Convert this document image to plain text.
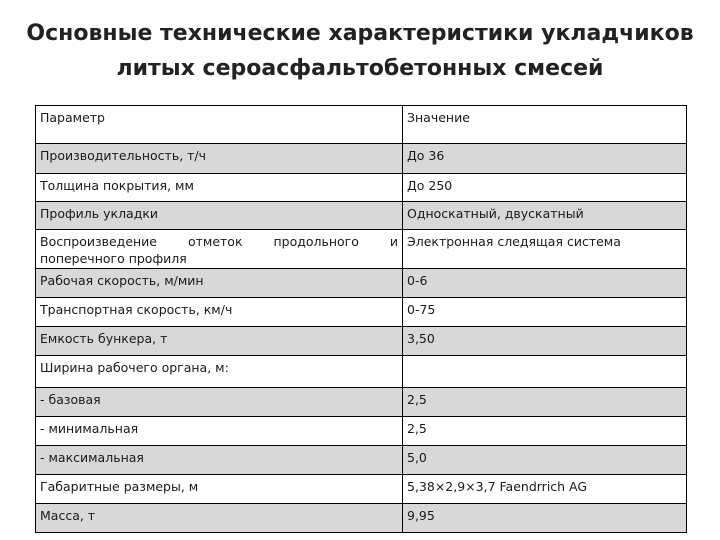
Основные технические характеристики укладчиков
литых сероасфальтобетонных смесей
Параметр	Значение
Производительность, т/ч	До 36
Толщина покрытия, мм	До 250
Профиль укладки	Односкатный, двускатный
Воспроизведение отметок продольного и поперечного профиля	Электронная следящая система
Рабочая скорость, м/мин	0-6
Транспортная скорость, км/ч	0-75
Емкость бункера, т	3,50
Ширина рабочего органа, м:	
- базовая	2,5
- минимальная	2,5
- максимальная	5,0
Габаритные размеры, м	5,38×2,9×3,7 Faendrrich AG
Масса, т	9,95
